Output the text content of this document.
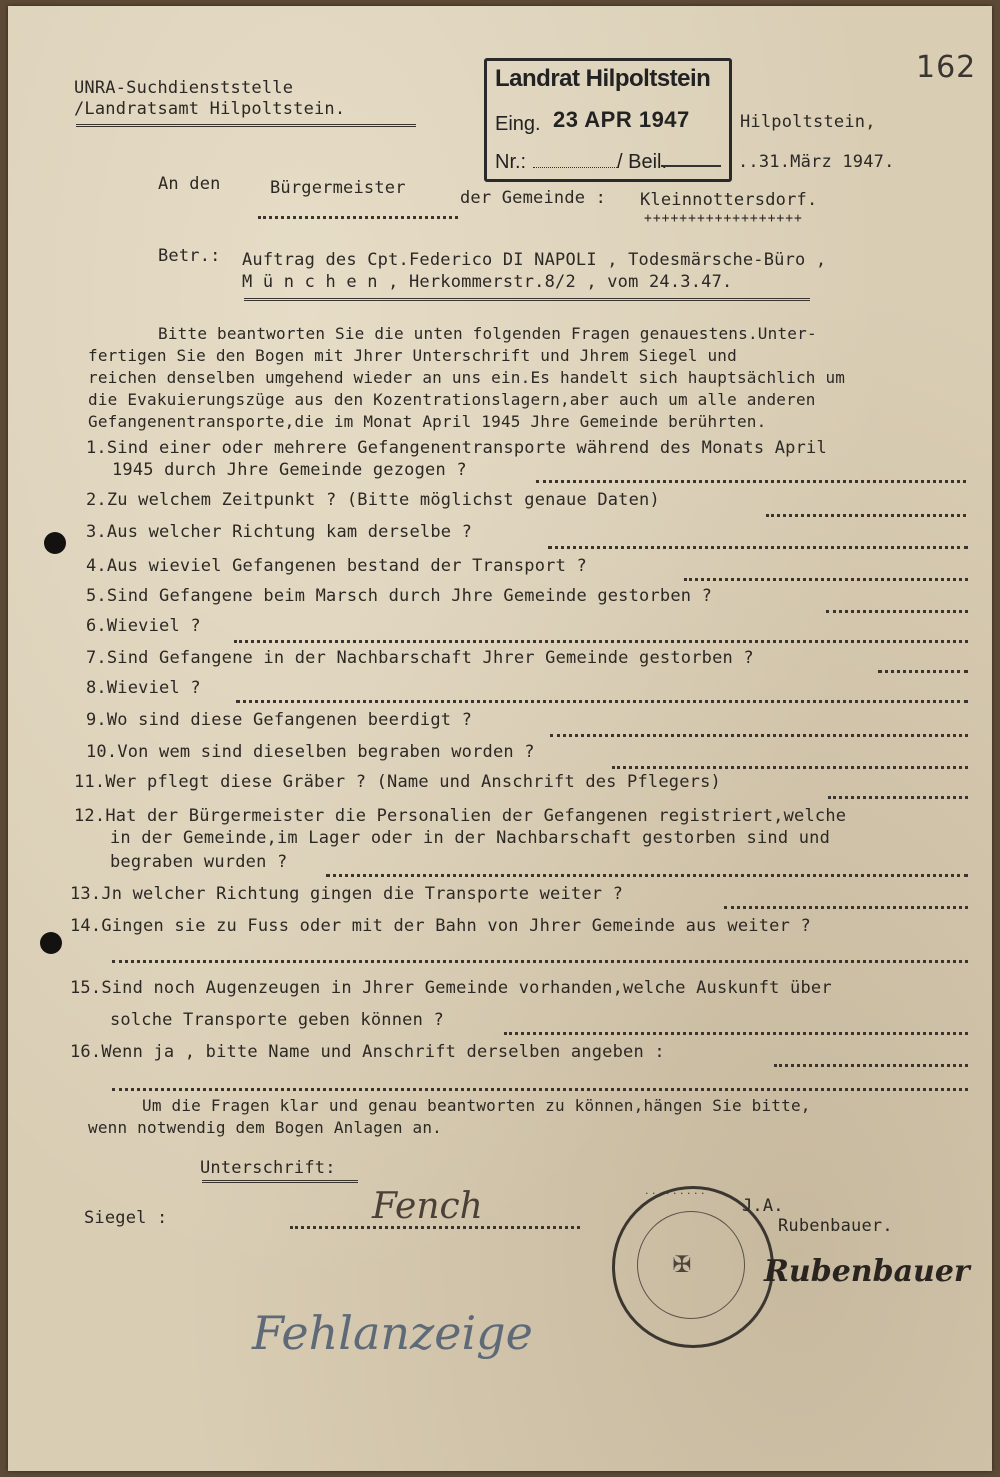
162
UNRA-Suchdienststelle
/Landratsamt Hilpoltstein.
Landrat Hilpoltstein
Eing. 23 APR 1947
Nr.:	/ Beil.
Hilpoltstein,
..31.März 1947.
An den	Bürgermeister	der Gemeinde : Kleinnottersdorf.
++++++++++++++++++
Betr.: Auftrag des Cpt.Federico DI NAPOLI , Todesmärsche-Büro ,
M ü n c h e n , Herkommerstr.8/2 , vom 24.3.47.
Bitte beantworten Sie die unten folgenden Fragen genauestens.Unter-
fertigen Sie den Bogen mit Jhrer Unterschrift und Jhrem Siegel und
reichen denselben umgehend wieder an uns ein.Es handelt sich hauptsächlich um
die Evakuierungszüge aus den Kozentrationslagern,aber auch um alle anderen
Gefangenentransporte,die im Monat April 1945 Jhre Gemeinde berührten.
1.Sind einer oder mehrere Gefangenentransporte während des Monats April
1945 durch Jhre Gemeinde gezogen ?
2.Zu welchem Zeitpunkt ? (Bitte möglichst genaue Daten)
3.Aus welcher Richtung kam derselbe ?
4.Aus wieviel Gefangenen bestand der Transport ?
5.Sind Gefangene beim Marsch durch Jhre Gemeinde gestorben ?
6.Wieviel ?
7.Sind Gefangene in der Nachbarschaft Jhrer Gemeinde gestorben ?
8.Wieviel ?
9.Wo sind diese Gefangenen beerdigt ?
10.Von wem sind dieselben begraben worden ?
11.Wer pflegt diese Gräber ? (Name und Anschrift des Pflegers)
12.Hat der Bürgermeister die Personalien der Gefangenen registriert,welche
in der Gemeinde,im Lager oder in der Nachbarschaft gestorben sind und
begraben wurden ?
13.Jn welcher Richtung gingen die Transporte weiter ?
14.Gingen sie zu Fuss oder mit der Bahn von Jhrer Gemeinde aus weiter ?
15.Sind noch Augenzeugen in Jhrer Gemeinde vorhanden,welche Auskunft über
solche Transporte geben können ?
16.Wenn ja , bitte Name und Anschrift derselben angeben :
Um die Fragen klar und genau beantworten zu können,hängen Sie bitte,
wenn notwendig dem Bogen Anlagen an.
Unterschrift:
Siegel :	Fench	· · · · · · · · ·
✠
J.A.
Rubenbauer.
Rubenbauer
Fehlanzeige
